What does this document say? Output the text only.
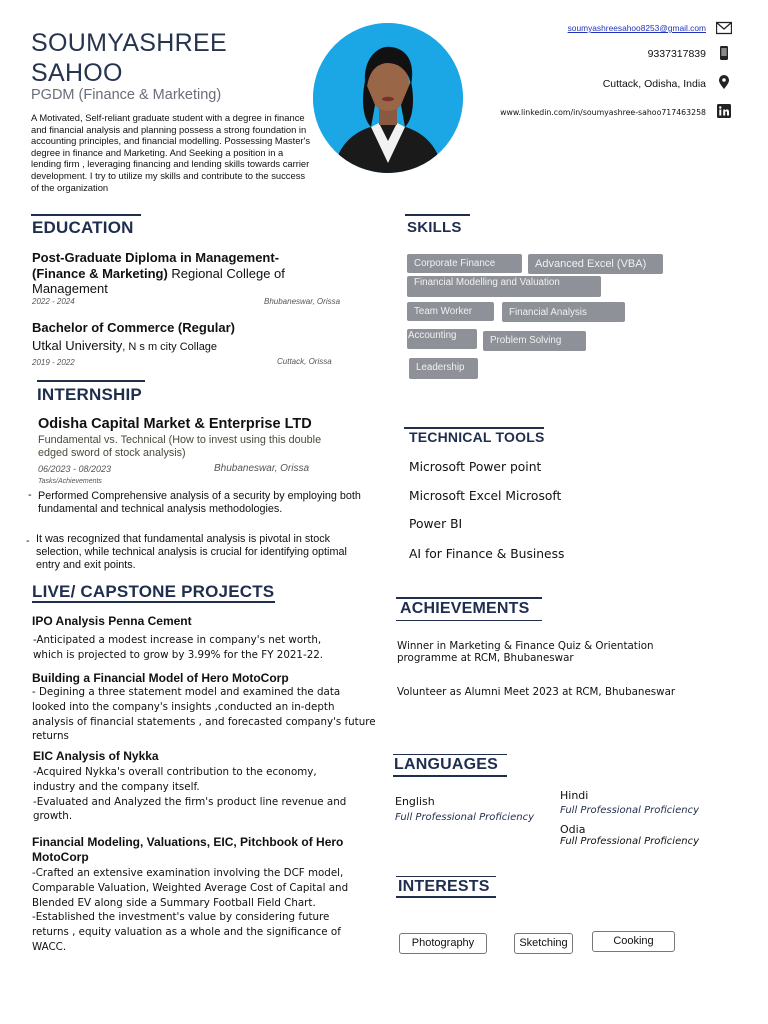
SOUMYASHREE
SAHOO
PGDM (Finance & Marketing)
A Motivated, Self-reliant graduate student with a degree in finance and financial analysis and planning possess a strong foundation in accounting principles, and financial modelling. Possessing Master's degree in finance and Marketing. And Seeking a position in a lending firm , leveraging financing and lending skills towards carrier development. I try to utilize my skills and contribute to the success of the organization
soumyashreesahoo8253@gmail.com
9337317839
Cuttack, Odisha, India
www.linkedin.com/in/soumyashree-sahoo717463258
EDUCATION
Post-Graduate Diploma in Management-(Finance & Marketing) Regional College of Management
2022 - 2024	Bhubaneswar, Orissa
Bachelor of Commerce (Regular)
Utkal University, N s m city Collage
2019 - 2022	Cuttack, Orissa
INTERNSHIP
Odisha Capital Market & Enterprise LTD
Fundamental vs. Technical (How to invest using this double edged sword of stock analysis)
06/2023 - 08/2023	Bhubaneswar, Orissa
Tasks/Achievements
- Performed Comprehensive analysis of a security by employing both fundamental and technical analysis methodologies.
- It was recognized that fundamental analysis is pivotal in stock selection, while technical analysis is crucial for identifying optimal entry and exit points.
LIVE/ CAPSTONE PROJECTS
IPO Analysis Penna Cement
-Anticipated a modest increase in company's net worth,
which is projected to grow by 3.99% for the FY 2021-22.
Building a Financial Model of Hero MotoCorp
- Degining a three statement model and examined the data
looked into the company's insights ,conducted an in-depth
analysis of financial statements , and forecasted company's future
returns
EIC Analysis of Nykka
-Acquired Nykka's overall contribution to the economy,
industry and the company itself.
-Evaluated and Analyzed the firm's product line revenue and
growth.
Financial Modeling, Valuations, EIC, Pitchbook of Hero MotoCorp
-Crafted an extensive examination involving the DCF model,
Comparable Valuation, Weighted Average Cost of Capital and
Blended EV along side a Summary Football Field Chart.
-Established the investment's value by considering future
returns , equity valuation as a whole and the significance of
WACC.
SKILLS
Corporate Finance	Advanced Excel (VBA)
Financial Modelling and Valuation
Team Worker	Financial Analysis
Accounting	Problem Solving
Leadership
TECHNICAL TOOLS
Microsoft Power point
Microsoft Excel Microsoft
Power BI
AI for Finance & Business
ACHIEVEMENTS
Winner in Marketing & Finance Quiz & Orientation programme at RCM, Bhubaneswar
Volunteer as Alumni Meet 2023 at RCM, Bhubaneswar
LANGUAGES
English
Full Professional Proficiency
Hindi
Full Professional Proficiency
Odia
Full Professional Proficiency
INTERESTS
Photography	Sketching	Cooking
